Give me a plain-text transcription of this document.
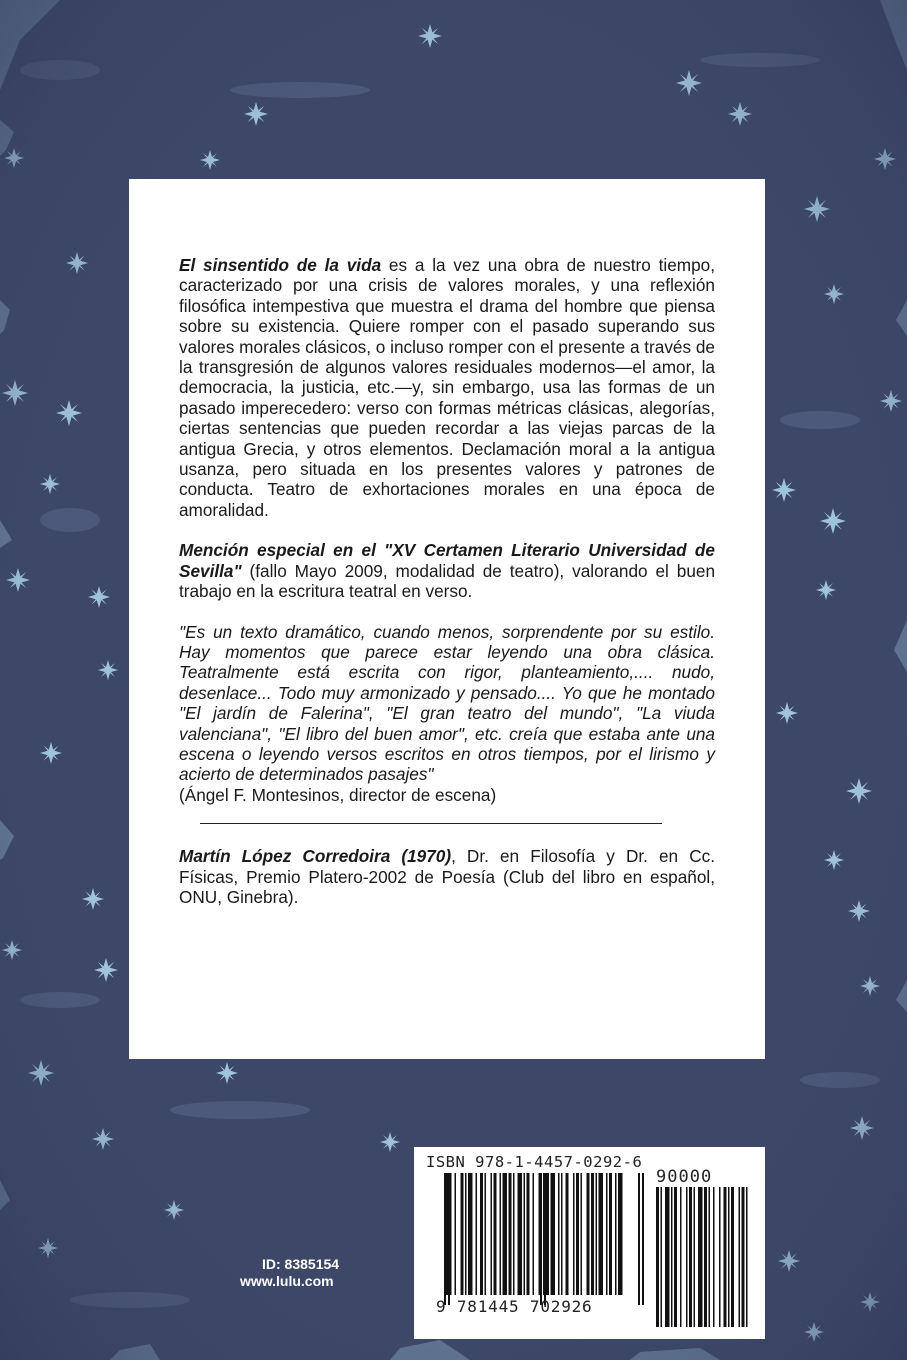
El sinsentido de la vida es a la vez una obra de nuestro tiempo, caracterizado por una crisis de valores morales, y una reflexión filosófica intempestiva que muestra el drama del hombre que piensa sobre su existencia. Quiere romper con el pasado superando sus valores morales clásicos, o incluso romper con el presente a través de la transgresión de algunos valores residuales modernos—el amor, la democracia, la justicia, etc.—y, sin embargo, usa las formas de un pasado imperecedero: verso con formas métricas clásicas, alegorías, ciertas sentencias que pueden recordar a las viejas parcas de la antigua Grecia, y otros elementos. Declamación moral a la antigua usanza, pero situada en los presentes valores y patrones de conducta. Teatro de exhortaciones morales en una época de amoralidad.

Mención especial en el "XV Certamen Literario Universidad de Sevilla" (fallo Mayo 2009, modalidad de teatro), valorando el buen trabajo en la escritura teatral en verso.

"Es un texto dramático, cuando menos, sorprendente por su estilo. Hay momentos que parece estar leyendo una obra clásica. Teatralmente está escrita con rigor, planteamiento,.... nudo, desenlace... Todo muy armonizado y pensado.... Yo que he montado "El jardín de Falerina", "El gran teatro del mundo", "La viuda valenciana", "El libro del buen amor", etc. creía que estaba ante una escena o leyendo versos escritos en otros tiempos, por el lirismo y acierto de determinados pasajes"

(Ángel F. Montesinos, director de escena)

Martín López Corredoira (1970), Dr. en Filosofía y Dr. en Cc. Físicas, Premio Platero-2002 de Poesía (Club del libro en español, ONU, Ginebra).

ISBN 978-1-4457-0292-6
90000
9 781445 702926
ID: 8385154
www.lulu.com
